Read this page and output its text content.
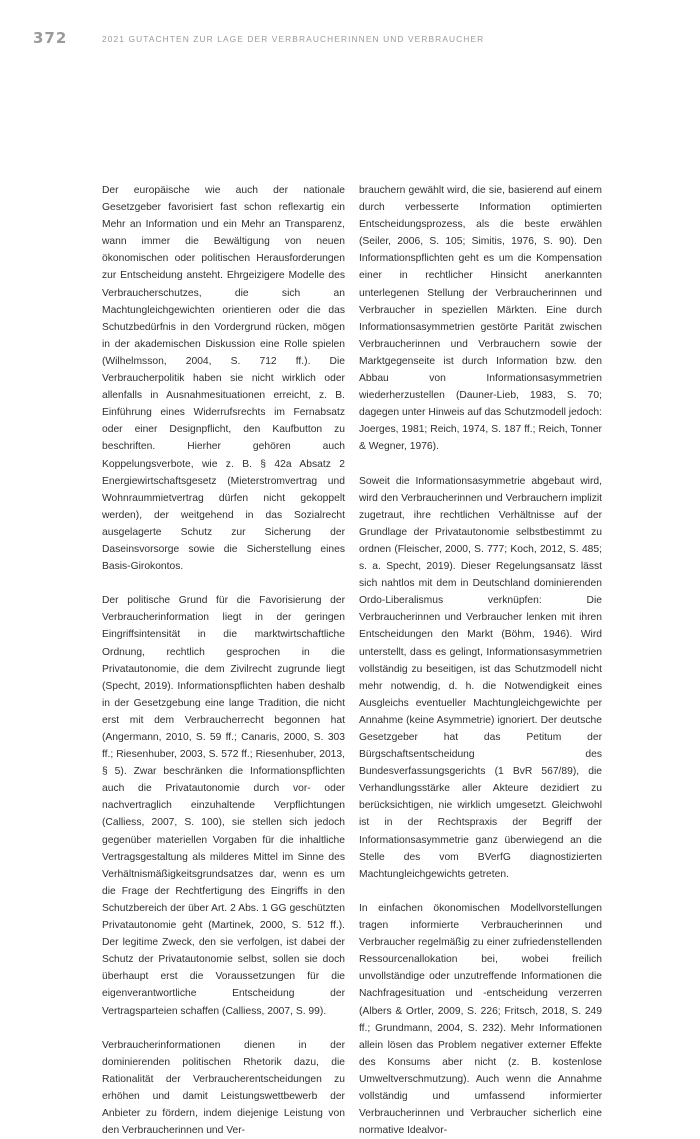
372	2021 GUTACHTEN ZUR LAGE DER VERBRAUCHERINNEN UND VERBRAUCHER

Der europäische wie auch der nationale Gesetzgeber favorisiert fast schon reflexartig ein Mehr an Information und ein Mehr an Transparenz, wann immer die Bewältigung von neuen ökonomischen oder politischen Herausforderungen zur Entscheidung ansteht. Ehrgeizigere Modelle des Verbraucherschutzes, die sich an Machtungleichgewichten orientieren oder die das Schutzbedürfnis in den Vordergrund rücken, mögen in der akademischen Diskussion eine Rolle spielen (Wilhelmsson, 2004, S. 712 ff.). Die Verbraucherpolitik haben sie nicht wirklich oder allenfalls in Ausnahmesituationen erreicht, z. B. Einführung eines Widerrufsrechts im Fernabsatz oder einer Designpflicht, den Kaufbutton zu beschriften. Hierher gehören auch Koppelungsverbote, wie z. B. § 42a Absatz 2 Energiewirtschaftsgesetz (Mieterstromvertrag und Wohnraummietvertrag dürfen nicht gekoppelt werden), der weitgehend in das Sozialrecht ausgelagerte Schutz zur Sicherung der Daseinsvorsorge sowie die Sicherstellung eines Basis-Girokontos.

Der politische Grund für die Favorisierung der Verbraucherinformation liegt in der geringen Eingriffsintensität in die marktwirtschaftliche Ordnung, rechtlich gesprochen in die Privatautonomie, die dem Zivilrecht zugrunde liegt (Specht, 2019). Informationspflichten haben deshalb in der Gesetzgebung eine lange Tradition, die nicht erst mit dem Verbraucherrecht begonnen hat (Angermann, 2010, S. 59 ff.; Canaris, 2000, S. 303 ff.; Riesenhuber, 2003, S. 572 ff.; Riesenhuber, 2013, § 5). Zwar beschränken die Informationspflichten auch die Privatautonomie durch vor- oder nachvertraglich einzuhaltende Verpflichtungen (Calliess, 2007, S. 100), sie stellen sich jedoch gegenüber materiellen Vorgaben für die inhaltliche Vertragsgestaltung als milderes Mittel im Sinne des Verhältnismäßigkeitsgrundsatzes dar, wenn es um die Frage der Rechtfertigung des Eingriffs in den Schutzbereich der über Art. 2 Abs. 1 GG geschützten Privatautonomie geht (Martinek, 2000, S. 512 ff.). Der legitime Zweck, den sie verfolgen, ist dabei der Schutz der Privatautonomie selbst, sollen sie doch überhaupt erst die Voraussetzungen für die eigenverantwortliche Entscheidung der Vertragsparteien schaffen (Calliess, 2007, S. 99).

Verbraucherinformationen dienen in der dominierenden politischen Rhetorik dazu, die Rationalität der Verbraucherentscheidungen zu erhöhen und damit Leistungswettbewerb der Anbieter zu fördern, indem diejenige Leistung von den Verbraucherinnen und Ver-

brauchern gewählt wird, die sie, basierend auf einem durch verbesserte Information optimierten Entscheidungsprozess, als die beste erwählen (Seiler, 2006, S. 105; Simitis, 1976, S. 90). Den Informationspflichten geht es um die Kompensation einer in rechtlicher Hinsicht anerkannten unterlegenen Stellung der Verbraucherinnen und Verbraucher in speziellen Märkten. Eine durch Informationsasymmetrien gestörte Parität zwischen Verbraucherinnen und Verbrauchern sowie der Marktgegenseite ist durch Information bzw. den Abbau von Informationsasymmetrien wiederherzustellen (Dauner-Lieb, 1983, S. 70; dagegen unter Hinweis auf das Schutzmodell jedoch: Joerges, 1981; Reich, 1974, S. 187 ff.; Reich, Tonner & Wegner, 1976).

Soweit die Informationsasymmetrie abgebaut wird, wird den Verbraucherinnen und Verbrauchern implizit zugetraut, ihre rechtlichen Verhältnisse auf der Grundlage der Privatautonomie selbstbestimmt zu ordnen (Fleischer, 2000, S. 777; Koch, 2012, S. 485; s. a. Specht, 2019). Dieser Regelungsansatz lässt sich nahtlos mit dem in Deutschland dominierenden Ordo-Liberalismus verknüpfen: Die Verbraucherinnen und Verbraucher lenken mit ihren Entscheidungen den Markt (Böhm, 1946). Wird unterstellt, dass es gelingt, Informationsasymmetrien vollständig zu beseitigen, ist das Schutzmodell nicht mehr notwendig, d. h. die Notwendigkeit eines Ausgleichs eventueller Machtungleichgewichte per Annahme (keine Asymmetrie) ignoriert. Der deutsche Gesetzgeber hat das Petitum der Bürgschaftsentscheidung des Bundesverfassungsgerichts (1 BvR 567/89), die Verhandlungsstärke aller Akteure dezidiert zu berücksichtigen, nie wirklich umgesetzt. Gleichwohl ist in der Rechtspraxis der Begriff der Informationsasymmetrie ganz überwiegend an die Stelle des vom BVerfG diagnostizierten Machtungleichgewichts getreten.

In einfachen ökonomischen Modellvorstellungen tragen informierte Verbraucherinnen und Verbraucher regelmäßig zu einer zufriedenstellenden Ressourcenallokation bei, wobei freilich unvollständige oder unzutreffende Informationen die Nachfragesituation und -entscheidung verzerren (Albers & Ortler, 2009, S. 226; Fritsch, 2018, S. 249 ff.; Grundmann, 2004, S. 232). Mehr Informationen allein lösen das Problem negativer externer Effekte des Konsums aber nicht (z. B. kostenlose Umweltverschmutzung). Auch wenn die Annahme vollständig und umfassend informierter Verbraucherinnen und Verbraucher sicherlich eine normative Idealvor-
